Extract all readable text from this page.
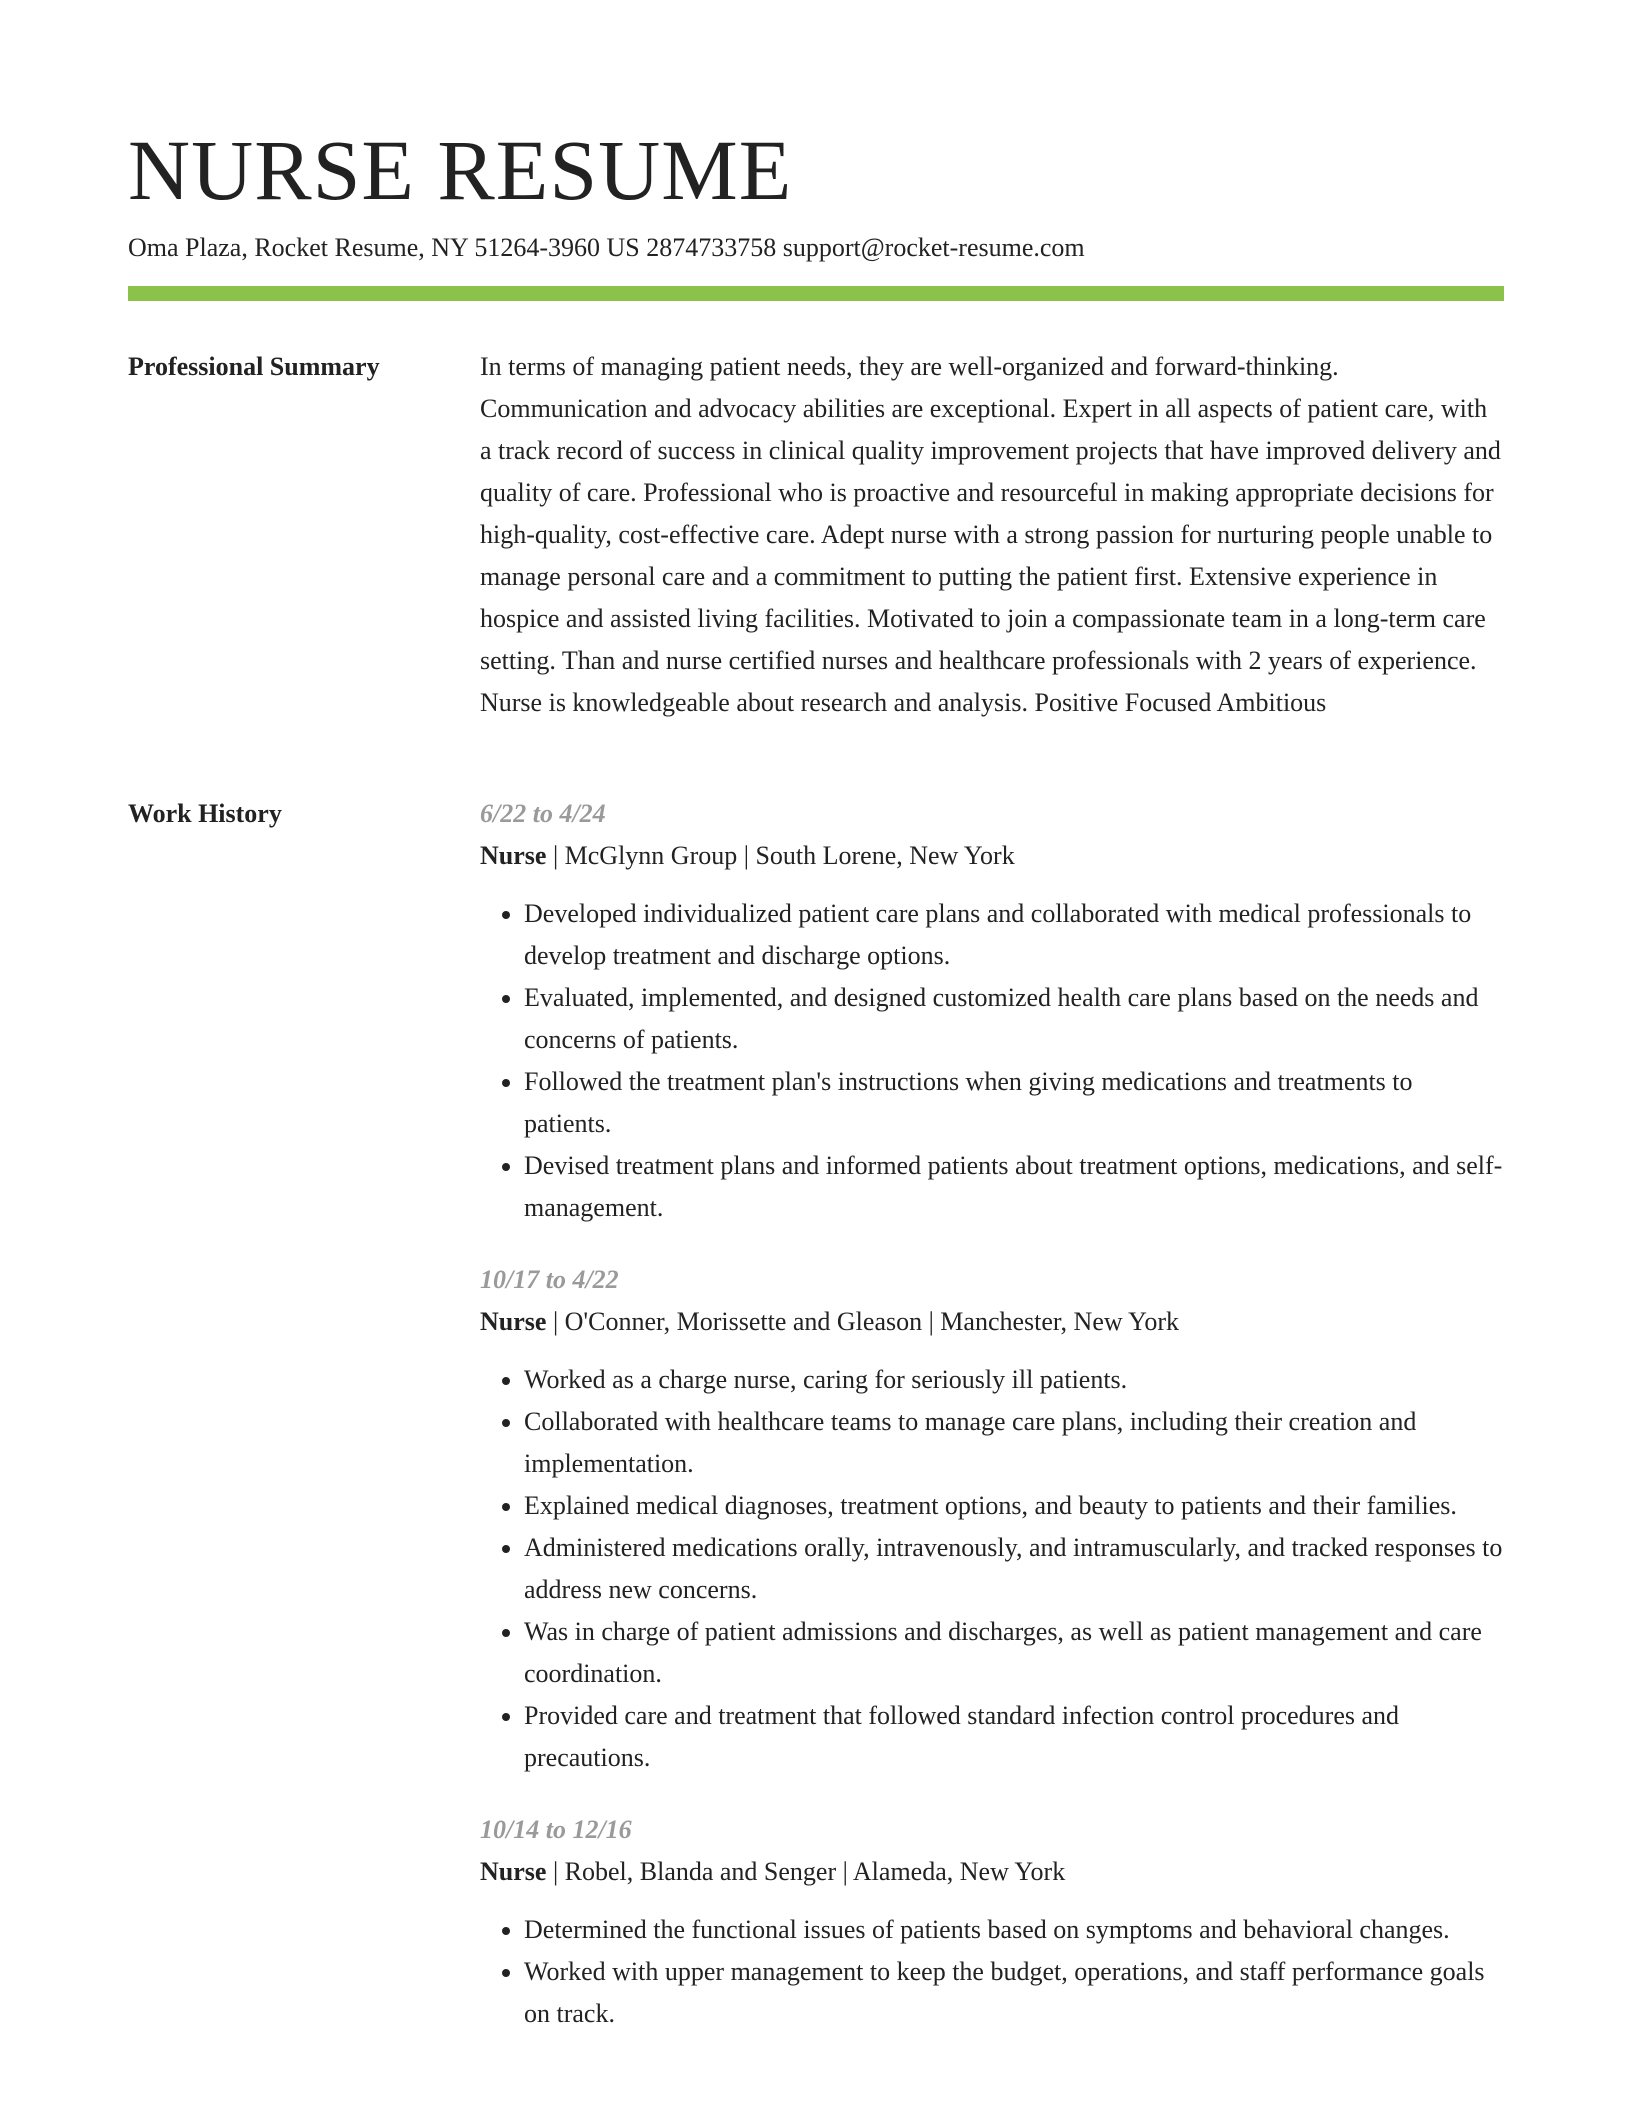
NURSE RESUME
Oma Plaza, Rocket Resume, NY 51264-3960 US 2874733758 support@rocket-resume.com
Professional Summary	In terms of managing patient needs, they are well-organized and forward-thinking. Communication and advocacy abilities are exceptional. Expert in all aspects of patient care, with a track record of success in clinical quality improvement projects that have improved delivery and quality of care. Professional who is proactive and resourceful in making appropriate decisions for high-quality, cost-effective care. Adept nurse with a strong passion for nurturing people unable to manage personal care and a commitment to putting the patient first. Extensive experience in hospice and assisted living facilities. Motivated to join a compassionate team in a long-term care setting. Than and nurse certified nurses and healthcare professionals with 2 years of experience. Nurse is knowledgeable about research and analysis. Positive Focused Ambitious

Work History	6/22 to 4/24
Nurse | McGlynn Group | South Lorene, New York
• Developed individualized patient care plans and collaborated with medical professionals to develop treatment and discharge options.
• Evaluated, implemented, and designed customized health care plans based on the needs and concerns of patients.
• Followed the treatment plan's instructions when giving medications and treatments to patients.
• Devised treatment plans and informed patients about treatment options, medications, and self-management.
10/17 to 4/22
Nurse | O'Conner, Morissette and Gleason | Manchester, New York
• Worked as a charge nurse, caring for seriously ill patients.
• Collaborated with healthcare teams to manage care plans, including their creation and implementation.
• Explained medical diagnoses, treatment options, and beauty to patients and their families.
• Administered medications orally, intravenously, and intramuscularly, and tracked responses to address new concerns.
• Was in charge of patient admissions and discharges, as well as patient management and care coordination.
• Provided care and treatment that followed standard infection control procedures and precautions.
10/14 to 12/16
Nurse | Robel, Blanda and Senger | Alameda, New York
• Determined the functional issues of patients based on symptoms and behavioral changes.
• Worked with upper management to keep the budget, operations, and staff performance goals on track.
